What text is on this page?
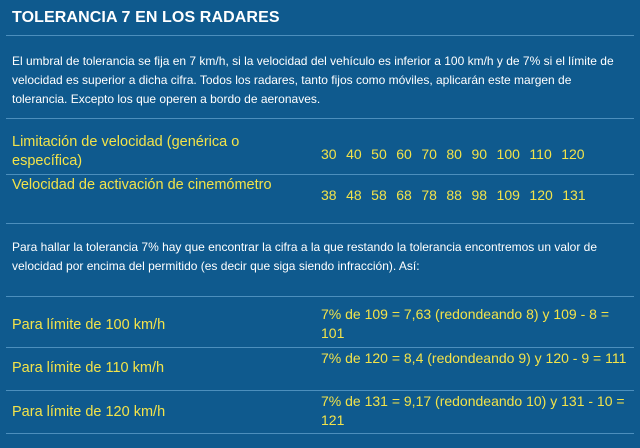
TOLERANCIA 7 EN LOS RADARES
El umbral de tolerancia se fija en 7 km/h, si la velocidad del vehículo es inferior a 100 km/h y de 7% si el límite de velocidad es superior a dicha cifra. Todos los radares, tanto fijos como móviles, aplicarán este margen de tolerancia. Excepto los que operen a bordo de aeronaves.
Limitación de velocidad (genérica o específica)	30 40 50 60 70 80 90 100 110 120
Velocidad de activación de cinemómetro
38 48 58 68 78 88 98 109 120 131
Para hallar la tolerancia 7% hay que encontrar la cifra a la que restando la tolerancia encontremos un valor de velocidad por encima del permitido (es decir que siga siendo infracción). Así:
Para límite de 100 km/h
7% de 109 = 7,63 (redondeando 8) y 109 - 8 = 101
Para límite de 110 km/h
7% de 120 = 8,4 (redondeando 9) y 120 - 9 = 111
Para límite de 120 km/h
7% de 131 = 9,17 (redondeando 10) y 131 - 10 = 121
